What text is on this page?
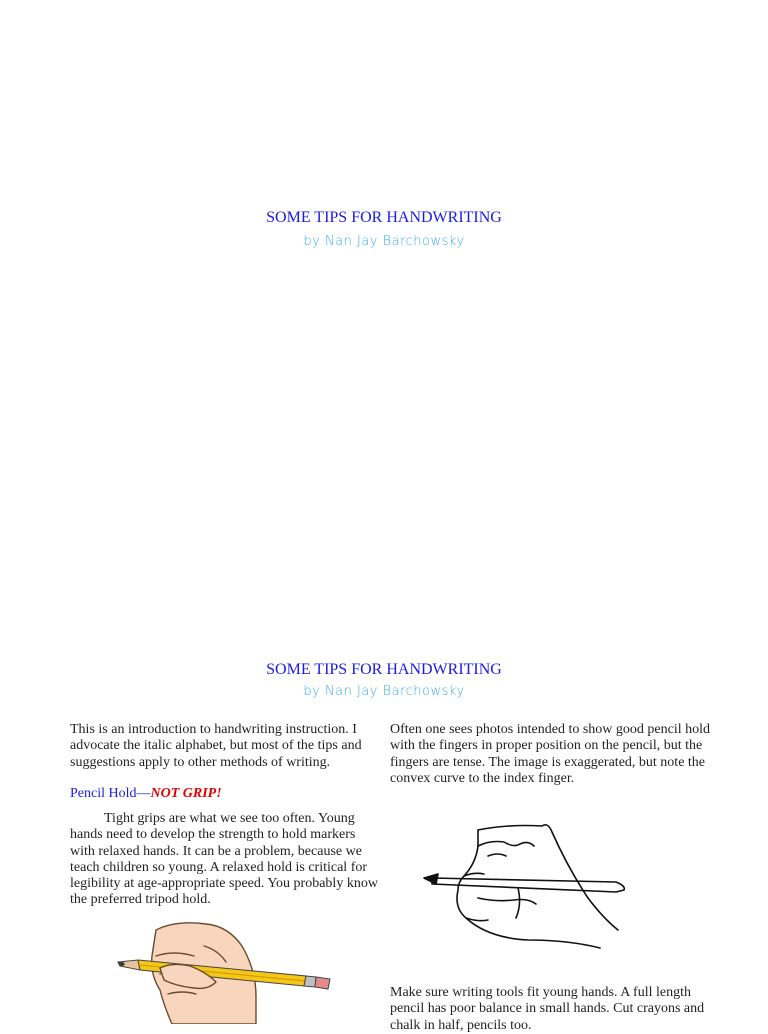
SOME TIPS FOR HANDWRITING
by Nan Jay Barchowsky
SOME TIPS FOR HANDWRITING
by Nan Jay Barchowsky

This is an introduction to handwriting instruction. I advocate the italic alphabet, but most of the tips and suggestions apply to other methods of writing.

Pencil Hold—NOT GRIP!

Tight grips are what we see too often. Young hands need to develop the strength to hold markers with relaxed hands. It can be a problem, because we teach children so young. A relaxed hold is critical for legibility at age-appropriate speed. You probably know the preferred tripod hold.

Often one sees photos intended to show good pencil hold with the fingers in proper position on the pencil, but the fingers are tense. The image is exaggerated, but note the convex curve to the index finger.

Make sure writing tools fit young hands. A full length pencil has poor balance in small hands. Cut crayons and chalk in half, pencils too.
